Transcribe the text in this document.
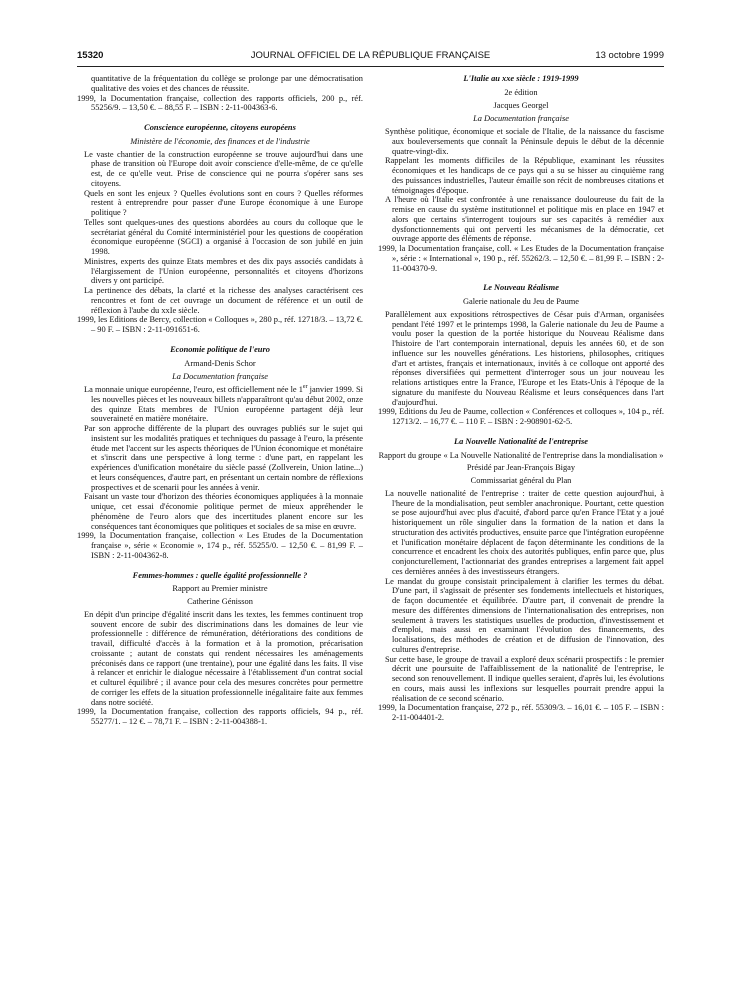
15320	JOURNAL OFFICIEL DE LA RÉPUBLIQUE FRANÇAISE	13 octobre 1999

quantitative de la fréquentation du collège se prolonge par une démocratisation qualitative des voies et des chances de réussite.

1999, la Documentation française, collection des rapports officiels, 200 p., réf. 55256/9. – 13,50 €. – 88,55 F. – ISBN : 2-11-004363-6.

Conscience européenne, citoyens européens
Ministère de l'économie, des finances et de l'industrie

Le vaste chantier de la construction européenne se trouve aujourd'hui dans une phase de transition où l'Europe doit avoir conscience d'elle-même, de ce qu'elle est, de ce qu'elle veut. Prise de conscience qui ne pourra s'opérer sans ses citoyens.

Quels en sont les enjeux ? Quelles évolutions sont en cours ? Quelles réformes restent à entreprendre pour passer d'une Europe économique à une Europe politique ?

Telles sont quelques-unes des questions abordées au cours du colloque que le secrétariat général du Comité interministériel pour les questions de coopération économique européenne (SGCI) a organisé à l'occasion de son jubilé en juin 1998.

Ministres, experts des quinze Etats membres et des dix pays associés candidats à l'élargissement de l'Union européenne, personnalités et citoyens d'horizons divers y ont participé.

La pertinence des débats, la clarté et la richesse des analyses caractérisent ces rencontres et font de cet ouvrage un document de référence et un outil de réflexion à l'aube du xxIe siècle.

1999, les Editions de Bercy, collection « Colloques », 280 p., réf. 12718/3. – 13,72 €. – 90 F. – ISBN : 2-11-091651-6.

Economie politique de l'euro
Armand-Denis Schor
La Documentation française

La monnaie unique européenne, l'euro, est officiellement née le 1er janvier 1999. Si les nouvelles pièces et les nouveaux billets n'apparaîtront qu'au début 2002, onze des quinze Etats membres de l'Union européenne partagent déjà leur souveraineté en matière monétaire.

Par son approche différente de la plupart des ouvrages publiés sur le sujet qui insistent sur les modalités pratiques et techniques du passage à l'euro, la présente étude met l'accent sur les aspects théoriques de l'Union économique et monétaire et s'inscrit dans une perspective à long terme : d'une part, en rappelant les expériences d'unification monétaire du siècle passé (Zollverein, Union latine...) et leurs conséquences, d'autre part, en présentant un certain nombre de réflexions prospectives et de scenarii pour les années à venir.

Faisant un vaste tour d'horizon des théories économiques appliquées à la monnaie unique, cet essai d'économie politique permet de mieux appréhender le phénomène de l'euro alors que des incertitudes planent encore sur les conséquences tant économiques que politiques et sociales de sa mise en œuvre.

1999, la Documentation française, collection « Les Etudes de la Documentation française », série « Economie », 174 p., réf. 55255/0. – 12,50 €. – 81,99 F. – ISBN : 2-11-004362-8.

Femmes-hommes : quelle égalité professionnelle ?
Rapport au Premier ministre
Catherine Génisson

En dépit d'un principe d'égalité inscrit dans les textes, les femmes continuent trop souvent encore de subir des discriminations dans les domaines de leur vie professionnelle : différence de rémunération, détériorations des conditions de travail, difficulté d'accès à la formation et à la promotion, précarisation croissante ; autant de constats qui rendent nécessaires les aménagements préconisés dans ce rapport (une trentaine), pour une égalité dans les faits. Il vise à relancer et enrichir le dialogue nécessaire à l'établissement d'un contrat social et culturel équilibré ; il avance pour cela des mesures concrètes pour permettre de corriger les effets de la situation professionnelle inégalitaire faite aux femmes dans notre société.

1999, la Documentation française, collection des rapports officiels, 94 p., réf. 55277/1. – 12 €. – 78,71 F. – ISBN : 2-11-004388-1.

L'Italie au xxe siècle : 1919-1999
2e édition
Jacques Georgel
La Documentation française

Synthèse politique, économique et sociale de l'Italie, de la naissance du fascisme aux bouleversements que connaît la Péninsule depuis le début de la décennie quatre-vingt-dix.

Rappelant les moments difficiles de la République, examinant les réussites économiques et les handicaps de ce pays qui a su se hisser au cinquième rang des puissances industrielles, l'auteur émaille son récit de nombreuses citations et témoignages d'époque.

A l'heure où l'Italie est confrontée à une renaissance douloureuse du fait de la remise en cause du système institutionnel et politique mis en place en 1947 et alors que certains s'interrogent toujours sur ses capacités à remédier aux dysfonctionnements qui ont perverti les mécanismes de la démocratie, cet ouvrage apporte des éléments de réponse.

1999, la Documentation française, coll. « Les Etudes de la Documentation française », série : « International », 190 p., réf. 55262/3. – 12,50 €. – 81,99 F. – ISBN : 2-11-004370-9.

Le Nouveau Réalisme
Galerie nationale du Jeu de Paume

Parallèlement aux expositions rétrospectives de César puis d'Arman, organisées pendant l'été 1997 et le printemps 1998, la Galerie nationale du Jeu de Paume a voulu poser la question de la portée historique du Nouveau Réalisme dans l'histoire de l'art contemporain international, depuis les années 60, et de son influence sur les nouvelles générations. Les historiens, philosophes, critiques d'art et artistes, français et internationaux, invités à ce colloque ont apporté des réponses diversifiées qui permettent d'interroger sous un jour nouveau les relations artistiques entre la France, l'Europe et les Etats-Unis à l'époque de la signature du manifeste du Nouveau Réalisme et leurs conséquences dans l'art d'aujourd'hui.

1999, Editions du Jeu de Paume, collection « Conférences et colloques », 104 p., réf. 12713/2. – 16,77 €. – 110 F. – ISBN : 2-908901-62-5.

La Nouvelle Nationalité de l'entreprise
Rapport du groupe « La Nouvelle Nationalité de l'entreprise dans la mondialisation »
Présidé par Jean-François Bigay
Commissariat général du Plan

La nouvelle nationalité de l'entreprise : traiter de cette question aujourd'hui, à l'heure de la mondialisation, peut sembler anachronique. Pourtant, cette question se pose aujourd'hui avec plus d'acuité, d'abord parce qu'en France l'Etat y a joué historiquement un rôle singulier dans la formation de la nation et dans la structuration des activités productives, ensuite parce que l'intégration européenne et l'unification monétaire déplacent de façon déterminante les conditions de la concurrence et encadrent les choix des autorités publiques, enfin parce que, plus conjoncturellement, l'actionnariat des grandes entreprises a largement fait appel ces dernières années à des investisseurs étrangers.

Le mandat du groupe consistait principalement à clarifier les termes du débat. D'une part, il s'agissait de présenter ses fondements intellectuels et historiques, de façon documentée et équilibrée. D'autre part, il convenait de prendre la mesure des différentes dimensions de l'internationalisation des entreprises, non seulement à travers les statistiques usuelles de production, d'investissement et d'emploi, mais aussi en examinant l'évolution des financements, des localisations, des méthodes de création et de diffusion de l'innovation, des cultures d'entreprise.

Sur cette base, le groupe de travail a exploré deux scénarii prospectifs : le premier décrit une poursuite de l'affaiblissement de la nationalité de l'entreprise, le second son renouvellement. Il indique quelles seraient, d'après lui, les évolutions en cours, mais aussi les inflexions sur lesquelles pourrait prendre appui la réalisation de ce second scénario.

1999, la Documentation française, 272 p., réf. 55309/3. – 16,01 €. – 105 F. – ISBN : 2-11-004401-2.
